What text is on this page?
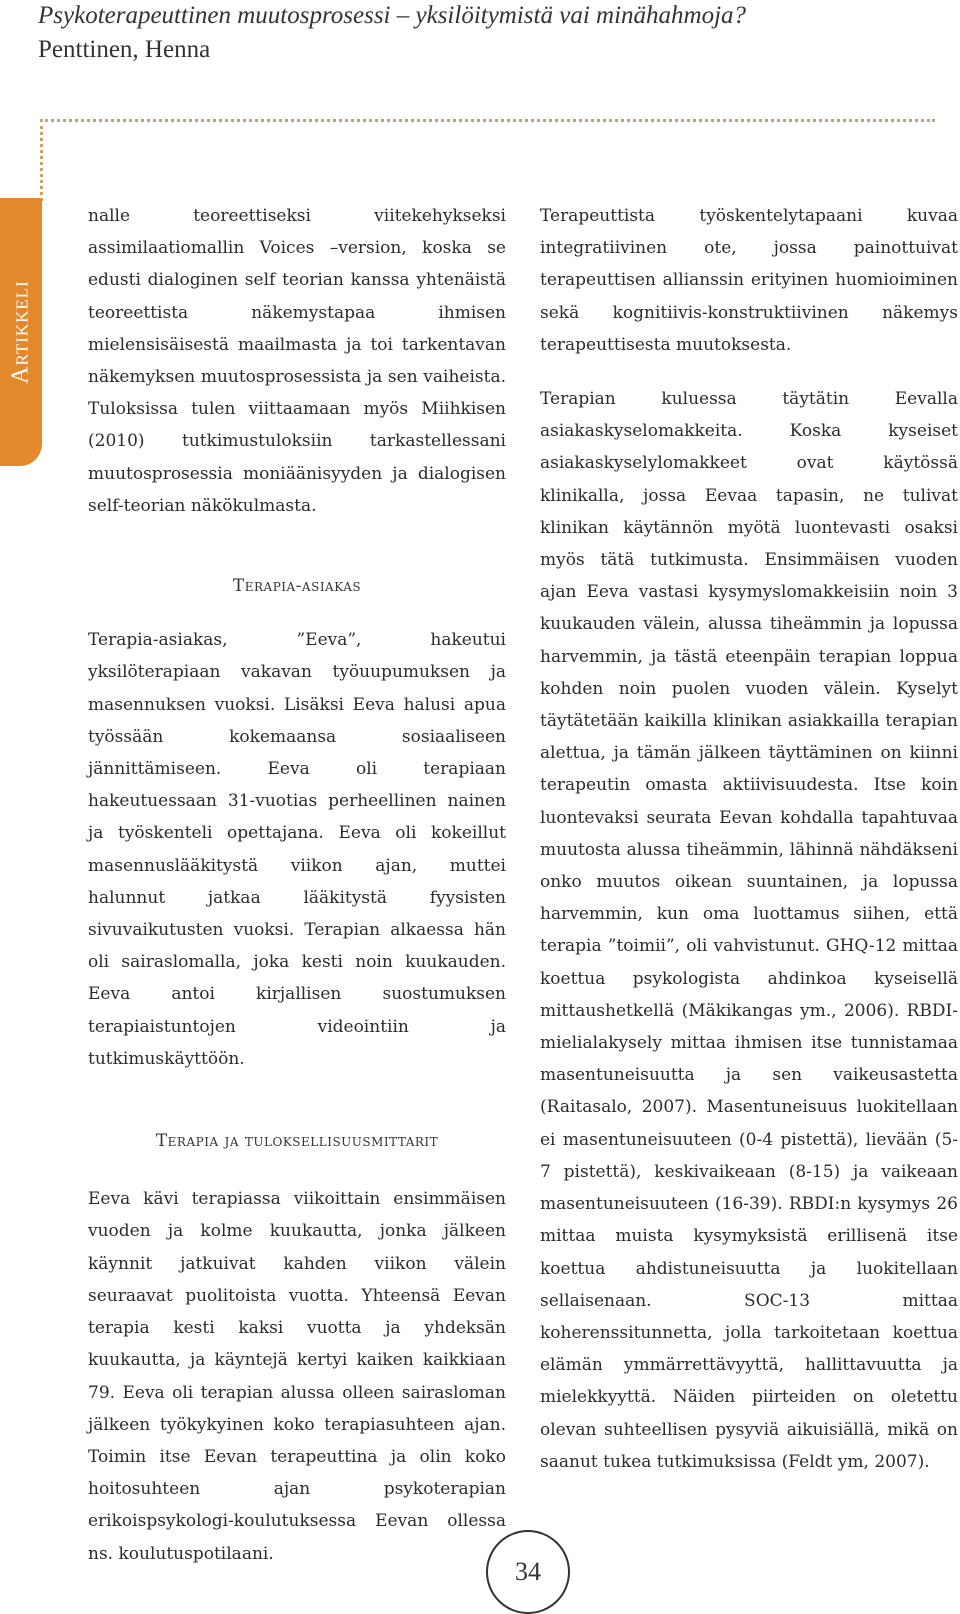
Psykoterapeuttinen muutosprosessi – yksilöitymistä vai minähahmoja?
Penttinen, Henna
Artikkeli

nalle teoreettiseksi viitekehykseksi assimilaatiomallin Voices –version, koska se edusti dialoginen self teorian kanssa yhtenäistä teoreettista näkemystapaa ihmisen mielensisäisestä maailmasta ja toi tarkentavan näkemyksen muutosprosessista ja sen vaiheista. Tuloksissa tulen viittaamaan myös Miihkisen (2010) tutkimustuloksiin tarkastellessani muutosprosessia moniäänisyyden ja dialogisen self-teorian näkökulmasta.

Terapia-asiakas

Terapia-asiakas, ”Eeva”, hakeutui yksilöterapiaan vakavan työuupumuksen ja masennuksen vuoksi. Lisäksi Eeva halusi apua työssään kokemaansa sosiaaliseen jännittämiseen. Eeva oli terapiaan hakeutuessaan 31-vuotias perheellinen nainen ja työskenteli opettajana. Eeva oli kokeillut masennuslääkitystä viikon ajan, muttei halunnut jatkaa lääkitystä fyysisten sivuvaikutusten vuoksi. Terapian alkaessa hän oli sairaslomalla, joka kesti noin kuukauden. Eeva antoi kirjallisen suostumuksen terapiaistuntojen videointiin ja tutkimuskäyttöön.

Terapia ja tuloksellisuusmittarit

Eeva kävi terapiassa viikoittain ensimmäisen vuoden ja kolme kuukautta, jonka jälkeen käynnit jatkuivat kahden viikon välein seuraavat puolitoista vuotta. Yhteensä Eevan terapia kesti kaksi vuotta ja yhdeksän kuukautta, ja käyntejä kertyi kaiken kaikkiaan 79. Eeva oli terapian alussa olleen sairasloman jälkeen työkykyinen koko terapiasuhteen ajan. Toimin itse Eevan terapeuttina ja olin koko hoitosuhteen ajan psykoterapian erikoispsykologi-koulutuksessa Eevan ollessa ns. koulutuspotilaani.

Terapeuttista työskentelytapaani kuvaa integratiivinen ote, jossa painottuivat terapeuttisen allianssin erityinen huomioiminen sekä kognitiivis-konstruktiivinen näkemys terapeuttisesta muutoksesta.

Terapian kuluessa täytätin Eevalla asiakaskyselomakkeita. Koska kyseiset asiakaskyselylomakkeet ovat käytössä klinikalla, jossa Eevaa tapasin, ne tulivat klinikan käytännön myötä luontevasti osaksi myös tätä tutkimusta. Ensimmäisen vuoden ajan Eeva vastasi kysymyslomakkeisiin noin 3 kuukauden välein, alussa tiheämmin ja lopussa harvemmin, ja tästä eteenpäin terapian loppua kohden noin puolen vuoden välein. Kyselyt täytätetään kaikilla klinikan asiakkailla terapian alettua, ja tämän jälkeen täyttäminen on kiinni terapeutin omasta aktiivisuudesta. Itse koin luontevaksi seurata Eevan kohdalla tapahtuvaa muutosta alussa tiheämmin, lähinnä nähdäkseni onko muutos oikean suuntainen, ja lopussa harvemmin, kun oma luottamus siihen, että terapia ”toimii”, oli vahvistunut. GHQ-12 mittaa koettua psykologista ahdinkoa kyseisellä mittaushetkellä (Mäkikangas ym., 2006). RBDI-mielialakysely mittaa ihmisen itse tunnistamaa masentuneisuutta ja sen vaikeusastetta (Raitasalo, 2007). Masentuneisuus luokitellaan ei masentuneisuuteen (0-4 pistettä), lievään (5-7 pistettä), keskivaikeaan (8-15) ja vaikeaan masentuneisuuteen (16-39). RBDI:n kysymys 26 mittaa muista kysymyksistä erillisenä itse koettua ahdistuneisuutta ja luokitellaan sellaisenaan. SOC-13 mittaa koherenssitunnetta, jolla tarkoitetaan koettua elämän ymmärrettävyyttä, hallittavuutta ja mielekkyyttä. Näiden piirteiden on oletettu olevan suhteellisen pysyviä aikuisiällä, mikä on saanut tukea tutkimuksissa (Feldt ym, 2007).

34
